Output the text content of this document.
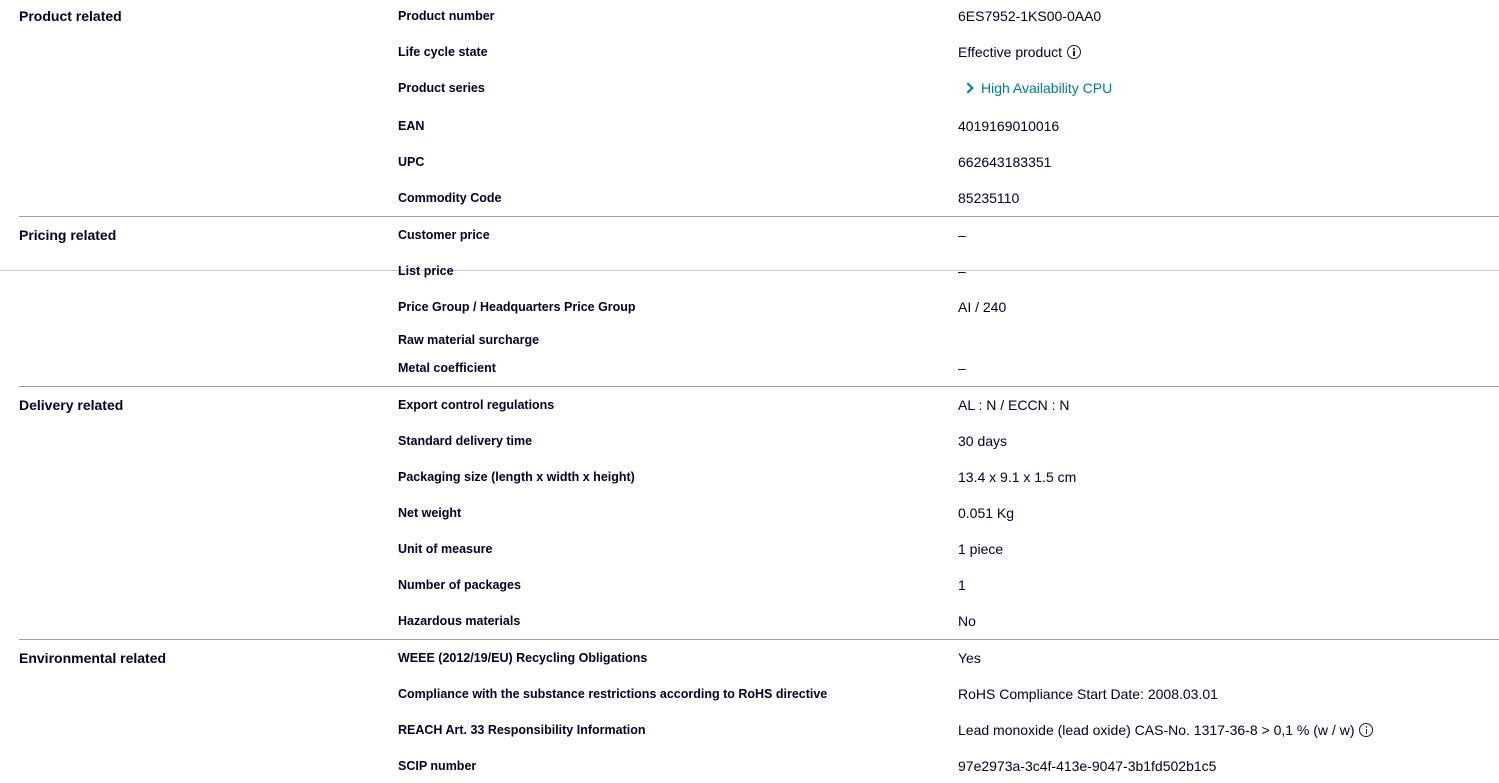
Product related	Product number	6ES7952-1KS00-0AA0
Life cycle state	Effective product
Product series	High Availability CPU
EAN	4019169010016
UPC	662643183351
Commodity Code	85235110
Pricing related	Customer price	–
List price	–
Price Group / Headquarters Price Group	AI / 240
Raw material surcharge
Metal coefficient	–
Delivery related	Export control regulations	AL : N / ECCN : N
Standard delivery time	30 days
Packaging size (length x width x height)	13.4 x 9.1 x 1.5 cm
Net weight	0.051 Kg
Unit of measure	1 piece
Number of packages	1
Hazardous materials	No
Environmental related	WEEE (2012/19/EU) Recycling Obligations	Yes
Compliance with the substance restrictions according to RoHS directive	RoHS Compliance Start Date: 2008.03.01
REACH Art. 33 Responsibility Information	Lead monoxide (lead oxide) CAS-No. 1317-36-8 > 0,1 % (w / w)
SCIP number	97e2973a-3c4f-413e-9047-3b1fd502b1c5
